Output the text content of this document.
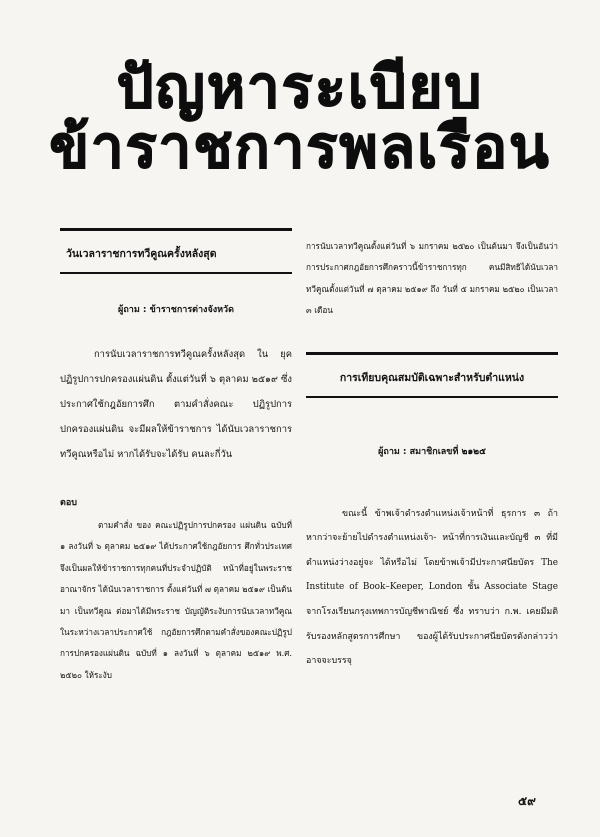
ปัญหาระเบียบ
ข้าราชการพลเรือน
วันเวลาราชการทวีคูณครั้งหลังสุด
ผู้ถาม : ข้าราชการต่างจังหวัด

การนับเวลาราชการทวีคูณครั้งหลังสุด ใน ยุคปฏิรูปการปกครองแผ่นดิน ตั้งแต่วันที่ ๖ ตุลาคม ๒๕๑๙ ซึ่งประกาศใช้กฎอัยการศึก ตามคำสั่งคณะ ปฏิรูปการปกครองแผ่นดิน จะมีผลให้ข้าราชการ ได้นับเวลาราชการทวีคูณหรือไม่ หากได้รับจะได้รับ คนละกี่วัน

ตอบ

ตามคำสั่ง ของ คณะปฏิรูปการปกครอง แผ่นดิน ฉบับที่ ๑ ลงวันที่ ๖ ตุลาคม ๒๕๑๙ ได้ประกาศใช้กฎอัยการ ศึกทั่วประเทศ จึงเป็นผลให้ข้าราชการทุกคนที่ประจำปฏิบัติ หน้าที่อยู่ในพระราชอาณาจักร ได้นับเวลาราชการ ตั้งแต่วันที่ ๗ ตุลาคม ๒๕๑๙ เป็นต้นมา เป็นทวีคูณ ต่อมาได้มีพระราช บัญญัติระงับการนับเวลาทวีคูณในระหว่างเวลาประกาศใช้ กฎอัยการศึกตามคำสั่งของคณะปฏิรูปการปกครองแผ่นดิน ฉบับที่ ๑ ลงวันที่ ๖ ตุลาคม ๒๕๑๙ พ.ศ. ๒๕๒๐ ให้ระงับ

การนับเวลาทวีคูณตั้งแต่วันที่ ๖ มกราคม ๒๕๒๐ เป็นต้นมา จึงเป็นอันว่า การประกาศกฎอัยการศึกคราวนี้ข้าราชการทุก คนมีสิทธิได้นับเวลาทวีคูณตั้งแต่วันที่ ๗ ตุลาคม ๒๕๑๙ ถึง วันที่ ๕ มกราคม ๒๕๒๐ เป็นเวลา ๓ เดือน

การเทียบคุณสมบัติเฉพาะสำหรับตำแหน่ง
ผู้ถาม : สมาชิกเลขที่ ๒๑๒๕

ขณะนี้ ข้าพเจ้าดำรงตำแหน่งเจ้าหน้าที่ ธุรการ ๓ ถ้าหากว่าจะย้ายไปดำรงตำแหน่งเจ้า- หน้าที่การเงินและบัญชี ๓ ที่มีตำแหน่งว่างอยู่จะ ได้หรือไม่ โดยข้าพเจ้ามีประกาศนียบัตร The Institute of Book–Keeper, London ชั้น Associate Stage จากโรงเรียนกรุงเทพการบัญชีพาณิชย์ ซึ่ง ทราบว่า ก.พ. เคยมีมติรับรองหลักสูตรการศึกษา ของผู้ได้รับประกาศนียบัตรดังกล่าวว่าอาจจะบรรจุ

๕๙
